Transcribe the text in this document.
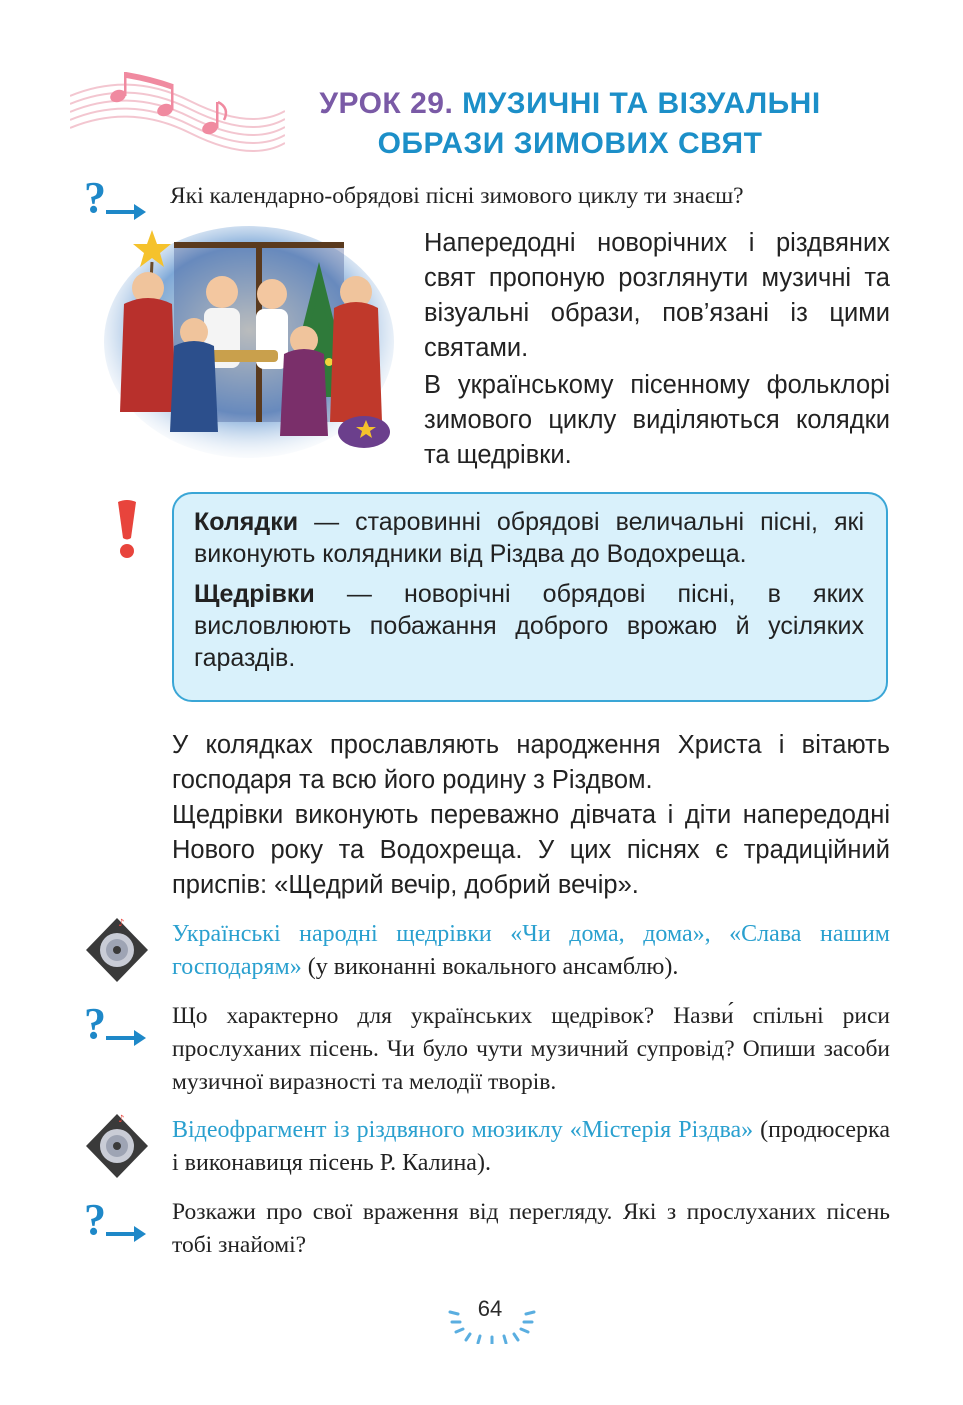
УРОК 29. МУЗИЧНІ ТА ВІЗУАЛЬНІ
ОБРАЗИ ЗИМОВИХ СВЯТ
?	Які календарно-обрядові пісні зимового циклу ти знаєш?
Напередодні новорічних і різдвяних свят пропоную розглянути музичні та візуальні образи, пов’язані із цими святами.
В українському пісенному фольклорі зимового циклу виділяються колядки та щедрівки.

Колядки — старовинні обрядові величальні пісні, які виконують колядники від Різдва до Водохреща.

Щедрівки — новорічні обрядові пісні, в яких висловлюють побажання доброго врожаю й усіляких гараздів.

У колядках прославляють народження Христа і вітають господаря та всю його родину з Різдвом.
Щедрівки виконують переважно дівчата і діти напередодні Нового року та Водохреща. У цих піснях є традиційний приспів: «Щедрий вечір, добрий вечір».
♪ Українські народні щедрівки «Чи дома, дома», «Слава нашим господарям» (у виконанні вокального ансамблю).
?	Що характерно для українських щедрівок? Назви́ спільні риси прослуханих пісень. Чи було чути музичний супровід? Опиши засоби музичної виразності та мелодії творів.
♪ Відеофрагмент із різдвяного мюзиклу «Містерія Різдва» (продюсерка і виконавиця пісень Р. Калина).
?	Розкажи про свої враження від перегляду. Які з прослуханих пісень тобі знайомі?
64
